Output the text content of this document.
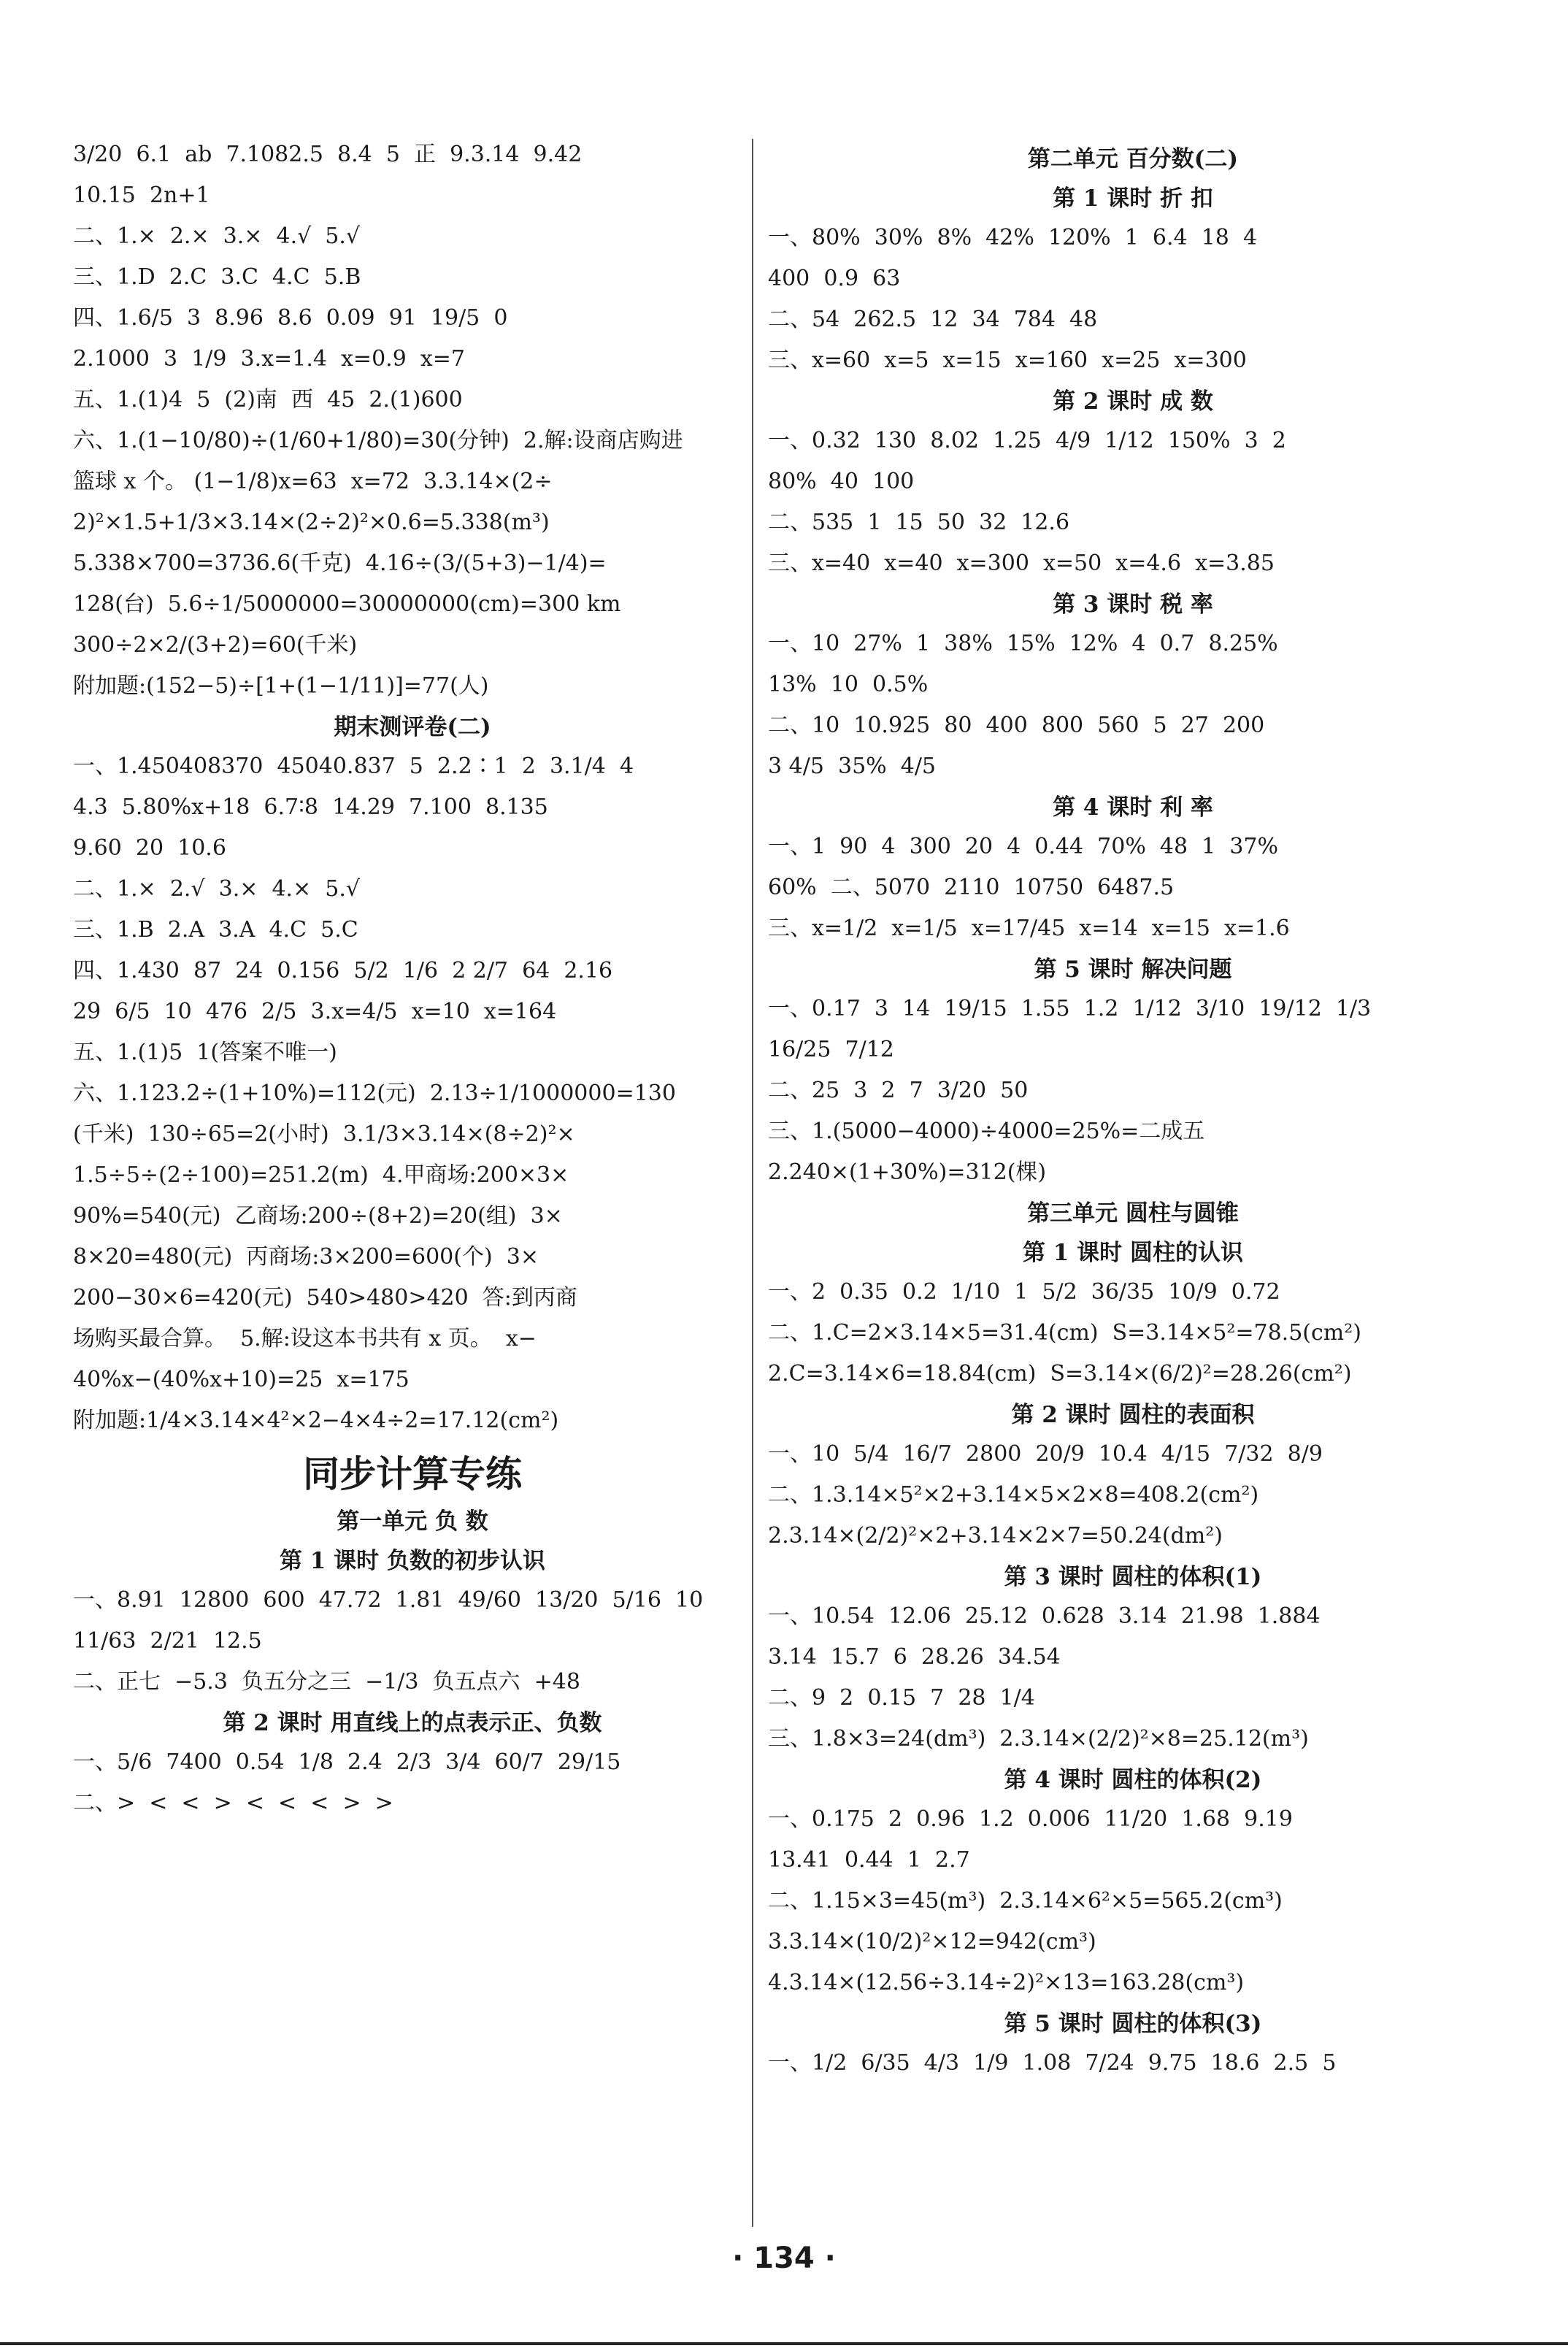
3/20  6.1  ab  7.1082.5  8.4  5  正  9.3.14  9.42
10.15  2n+1
二、1.×  2.×  3.×  4.√  5.√
三、1.D  2.C  3.C  4.C  5.B
四、1.6/5  3  8.96  8.6  0.09  91  19/5  0
2.1000  3  1/9  3.x=1.4  x=0.9  x=7
五、1.(1)4  5  (2)南  西  45  2.(1)600
六、1.(1−10/80)÷(1/60+1/80)=30(分钟)  2.解:设商店购进
篮球 x 个。 (1−1/8)x=63  x=72  3.3.14×(2÷
2)²×1.5+1/3×3.14×(2÷2)²×0.6=5.338(m³)
5.338×700=3736.6(千克)  4.16÷(3/(5+3)−1/4)=
128(台)  5.6÷1/5000000=30000000(cm)=300 km
300÷2×2/(3+2)=60(千米)
附加题:(152−5)÷[1+(1−1/11)]=77(人)
期末测评卷(二)
一、1.450408370  45040.837  5  2.2∶1  2  3.1/4  4
4.3  5.80%x+18  6.7∶8  14.29  7.100  8.135
9.60  20  10.6
二、1.×  2.√  3.×  4.×  5.√
三、1.B  2.A  3.A  4.C  5.C
四、1.430  87  24  0.156  5/2  1/6  2 2/7  64  2.16
29  6/5  10  476  2/5  3.x=4/5  x=10  x=164
五、1.(1)5  1(答案不唯一)
六、1.123.2÷(1+10%)=112(元)  2.13÷1/1000000=130
(千米)  130÷65=2(小时)  3.1/3×3.14×(8÷2)²×
1.5÷5÷(2÷100)=251.2(m)  4.甲商场:200×3×
90%=540(元)  乙商场:200÷(8+2)=20(组)  3×
8×20=480(元)  丙商场:3×200=600(个)  3×
200−30×6=420(元)  540>480>420  答:到丙商
场购买最合算。  5.解:设这本书共有 x 页。  x−
40%x−(40%x+10)=25  x=175
附加题:1/4×3.14×4²×2−4×4÷2=17.12(cm²)
同步计算专练
第一单元 负 数
第 1 课时 负数的初步认识
一、8.91  12800  600  47.72  1.81  49/60  13/20  5/16  10
11/63  2/21  12.5
二、正七  −5.3  负五分之三  −1/3  负五点六  +48
第 2 课时 用直线上的点表示正、负数
一、5/6  7400  0.54  1/8  2.4  2/3  3/4  60/7  29/15
二、>  <  <  >  <  <  <  >  >
第二单元 百分数(二)
第 1 课时 折 扣
一、80%  30%  8%  42%  120%  1  6.4  18  4
400  0.9  63
二、54  262.5  12  34  784  48
三、x=60  x=5  x=15  x=160  x=25  x=300
第 2 课时 成 数
一、0.32  130  8.02  1.25  4/9  1/12  150%  3  2
80%  40  100
二、535  1  15  50  32  12.6
三、x=40  x=40  x=300  x=50  x=4.6  x=3.85
第 3 课时 税 率
一、10  27%  1  38%  15%  12%  4  0.7  8.25%
13%  10  0.5%
二、10  10.925  80  400  800  560  5  27  200
3 4/5  35%  4/5
第 4 课时 利 率
一、1  90  4  300  20  4  0.44  70%  48  1  37%
60%  二、5070  2110  10750  6487.5
三、x=1/2  x=1/5  x=17/45  x=14  x=15  x=1.6
第 5 课时 解决问题
一、0.17  3  14  19/15  1.55  1.2  1/12  3/10  19/12  1/3
16/25  7/12
二、25  3  2  7  3/20  50
三、1.(5000−4000)÷4000=25%=二成五
2.240×(1+30%)=312(棵)
第三单元 圆柱与圆锥
第 1 课时 圆柱的认识
一、2  0.35  0.2  1/10  1  5/2  36/35  10/9  0.72
二、1.C=2×3.14×5=31.4(cm)  S=3.14×5²=78.5(cm²)
2.C=3.14×6=18.84(cm)  S=3.14×(6/2)²=28.26(cm²)
第 2 课时 圆柱的表面积
一、10  5/4  16/7  2800  20/9  10.4  4/15  7/32  8/9
二、1.3.14×5²×2+3.14×5×2×8=408.2(cm²)
2.3.14×(2/2)²×2+3.14×2×7=50.24(dm²)
第 3 课时 圆柱的体积(1)
一、10.54  12.06  25.12  0.628  3.14  21.98  1.884
3.14  15.7  6  28.26  34.54
二、9  2  0.15  7  28  1/4
三、1.8×3=24(dm³)  2.3.14×(2/2)²×8=25.12(m³)
第 4 课时 圆柱的体积(2)
一、0.175  2  0.96  1.2  0.006  11/20  1.68  9.19
13.41  0.44  1  2.7
二、1.15×3=45(m³)  2.3.14×6²×5=565.2(cm³)
3.3.14×(10/2)²×12=942(cm³)
4.3.14×(12.56÷3.14÷2)²×13=163.28(cm³)
第 5 课时 圆柱的体积(3)
一、1/2  6/35  4/3  1/9  1.08  7/24  9.75  18.6  2.5  5
· 134 ·
